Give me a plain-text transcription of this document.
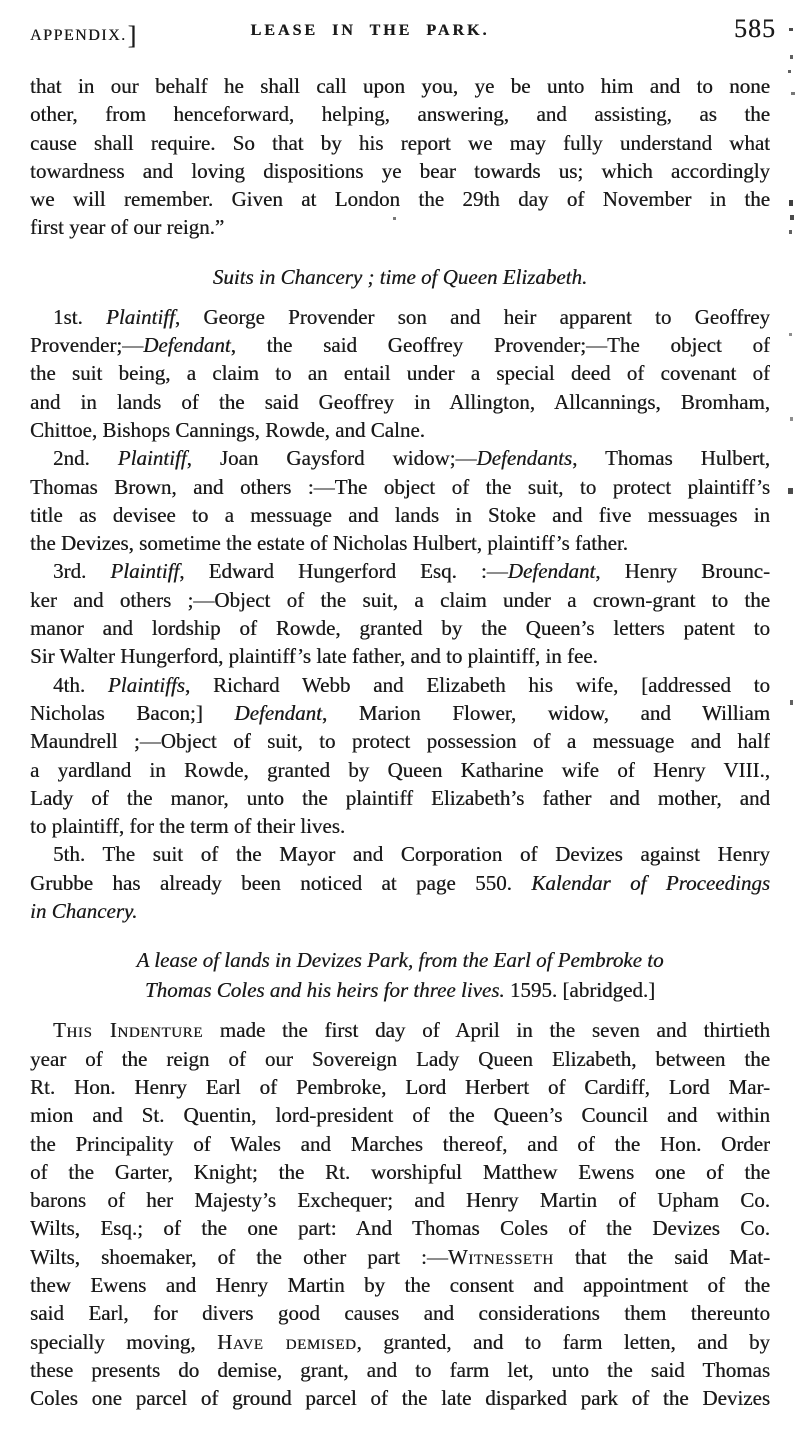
APPENDIX.]	LEASE IN THE PARK.	585
that in our behalf he shall call upon you, ye be unto him and to none
other, from henceforward, helping, answering, and assisting, as the
cause shall require. So that by his report we may fully understand what
towardness and loving dispositions ye bear towards us; which accordingly
we will remember. Given at London the 29th day of November in the
first year of our reign.”
Suits in Chancery ; time of Queen Elizabeth.
1st. Plaintiff, George Provender son and heir apparent to Geoffrey
Provender;—Defendant, the said Geoffrey Provender;—The object of
the suit being, a claim to an entail under a special deed of covenant of
and in lands of the said Geoffrey in Allington, Allcannings, Bromham,
Chittoe, Bishops Cannings, Rowde, and Calne.
2nd. Plaintiff, Joan Gaysford widow;—Defendants, Thomas Hulbert,
Thomas Brown, and others :—The object of the suit, to protect plaintiff’s
title as devisee to a messuage and lands in Stoke and five messuages in
the Devizes, sometime the estate of Nicholas Hulbert, plaintiff’s father.
3rd. Plaintiff, Edward Hungerford Esq. :—Defendant, Henry Brounc-
ker and others ;—Object of the suit, a claim under a crown-grant to the
manor and lordship of Rowde, granted by the Queen’s letters patent to
Sir Walter Hungerford, plaintiff’s late father, and to plaintiff, in fee.
4th. Plaintiffs, Richard Webb and Elizabeth his wife, [addressed to
Nicholas Bacon;] Defendant, Marion Flower, widow, and William
Maundrell ;—Object of suit, to protect possession of a messuage and half
a yardland in Rowde, granted by Queen Katharine wife of Henry VIII.,
Lady of the manor, unto the plaintiff Elizabeth’s father and mother, and
to plaintiff, for the term of their lives.
5th. The suit of the Mayor and Corporation of Devizes against Henry
Grubbe has already been noticed at page 550. Kalendar of Proceedings
in Chancery.
A lease of lands in Devizes Park, from the Earl of Pembroke to
Thomas Coles and his heirs for three lives. 1595. [abridged.]
This Indenture made the first day of April in the seven and thirtieth
year of the reign of our Sovereign Lady Queen Elizabeth, between the
Rt. Hon. Henry Earl of Pembroke, Lord Herbert of Cardiff, Lord Mar-
mion and St. Quentin, lord-president of the Queen’s Council and within
the Principality of Wales and Marches thereof, and of the Hon. Order
of the Garter, Knight; the Rt. worshipful Matthew Ewens one of the
barons of her Majesty’s Exchequer; and Henry Martin of Upham Co.
Wilts, Esq.; of the one part: And Thomas Coles of the Devizes Co.
Wilts, shoemaker, of the other part :—Witnesseth that the said Mat-
thew Ewens and Henry Martin by the consent and appointment of the
said Earl, for divers good causes and considerations them thereunto
specially moving, Have demised, granted, and to farm letten, and by
these presents do demise, grant, and to farm let, unto the said Thomas
Coles one parcel of ground parcel of the late disparked park of the Devizes
